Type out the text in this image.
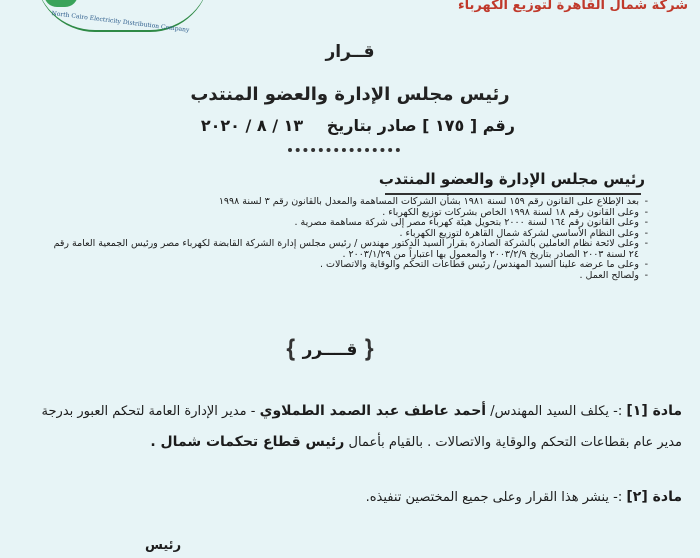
North Cairo Electricity Distribution Company
شركة شمال القاهرة لتوزيع الكهرباء
قــرار
رئيس مجلس الإدارة والعضو المنتدب
رقم [ ١٧٥ ] صادر بتاريخ ١٣ / ٨ / ٢٠٢٠
رئيس مجلس الإدارة والعضو المنتدب
- بعد الإطلاع على القانون رقم ١٥٩ لسنة ١٩٨١ بشأن الشركات المساهمة والمعدل بالقانون رقم ٣ لسنة ١٩٩٨
- وعلى القانون رقم ١٨ لسنة ١٩٩٨ الخاص بشركات توزيع الكهرباء .
- وعلى القانون رقم ١٦٤ لسنة ٢٠٠٠ بتحويل هيئة كهرباء مصر إلى شركة مساهمة مصرية .
- وعلى النظام الأساسي لشركة شمال القاهرة لتوزيع الكهرباء .
- وعلى لائحة نظام العاملين بالشركة الصادرة بقرار السيد الدكتور مهندس / رئيس مجلس إدارة الشركة القابضة لكهرباء مصر ورئيس الجمعية العامة رقم ٢٤ لسنة ٢٠٠٣ الصادر بتاريخ ٢٠٠٣/٢/٩ والمعمول بها اعتباراً من ٢٠٠٣/١/٢٩ .
- وعلى ما عرضه علينا السيد المهندس/ رئيس قطاعات التحكم والوقاية والاتصالات .
- ولصالح العمل .
{ قــــرر }
مادة [١] :- يكلف السيد المهندس/ أحمد عاطف عبد الصمد الطملاوي - مدير الإدارة العامة لتحكم العبور بدرجة مدير عام بقطاعات التحكم والوقاية والاتصالات . بالقيام بأعمال رئيس قطاع تحكمات شمال .
مادة [٢] :- ينشر هذا القرار وعلى جميع المختصين تنفيذه.
رئيس
